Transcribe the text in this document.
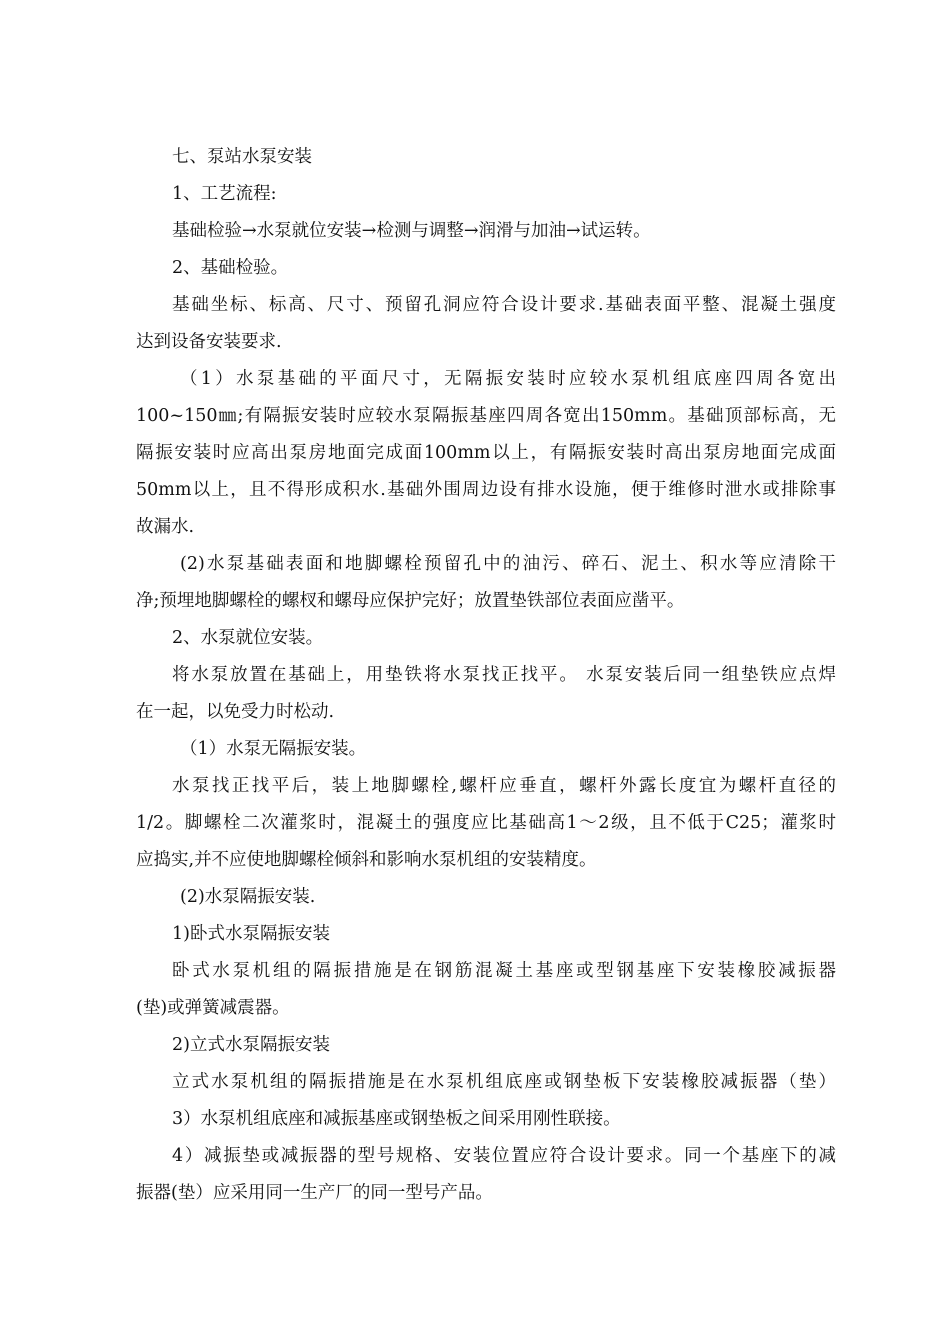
七、泵站水泵安装

1、工艺流程:

基础检验→水泵就位安装→检测与调整→润滑与加油→试运转。

2、基础检验。

基础坐标、标高、尺寸、预留孔洞应符合设计要求.基础表面平整、混凝土强度

达到设备安装要求.

（1）水泵基础的平面尺寸，无隔振安装时应较水泵机组底座四周各宽出

100~150㎜;有隔振安装时应较水泵隔振基座四周各宽出150mm。基础顶部标高，无

隔振安装时应高出泵房地面完成面100mm以上，有隔振安装时高出泵房地面完成面

50mm以上，且不得形成积水.基础外围周边设有排水设施，便于维修时泄水或排除事

故漏水.

(2)水泵基础表面和地脚螺栓预留孔中的油污、碎石、泥土、积水等应清除干

净;预埋地脚螺栓的螺杈和螺母应保护完好；放置垫铁部位表面应凿平。

2、水泵就位安装。

将水泵放置在基础上，用垫铁将水泵找正找平。 水泵安装后同一组垫铁应点焊

在一起，以免受力时松动.

（1）水泵无隔振安装。

水泵找正找平后，装上地脚螺栓,螺杆应垂直，螺杆外露长度宜为螺杆直径的

1/2。脚螺栓二次灌浆时，混凝土的强度应比基础高1～2级，且不低于C25；灌浆时

应捣实,并不应使地脚螺栓倾斜和影响水泵机组的安装精度。

(2)水泵隔振安装.

1)卧式水泵隔振安装

卧式水泵机组的隔振措施是在钢筋混凝土基座或型钢基座下安装橡胶减振器

(垫)或弹簧减震器。

2)立式水泵隔振安装

立式水泵机组的隔振措施是在水泵机组底座或钢垫板下安装橡胶减振器（垫）

3）水泵机组底座和减振基座或钢垫板之间采用刚性联接。

4）减振垫或减振器的型号规格、安装位置应符合设计要求。同一个基座下的减

振器(垫）应采用同一生产厂的同一型号产品。
